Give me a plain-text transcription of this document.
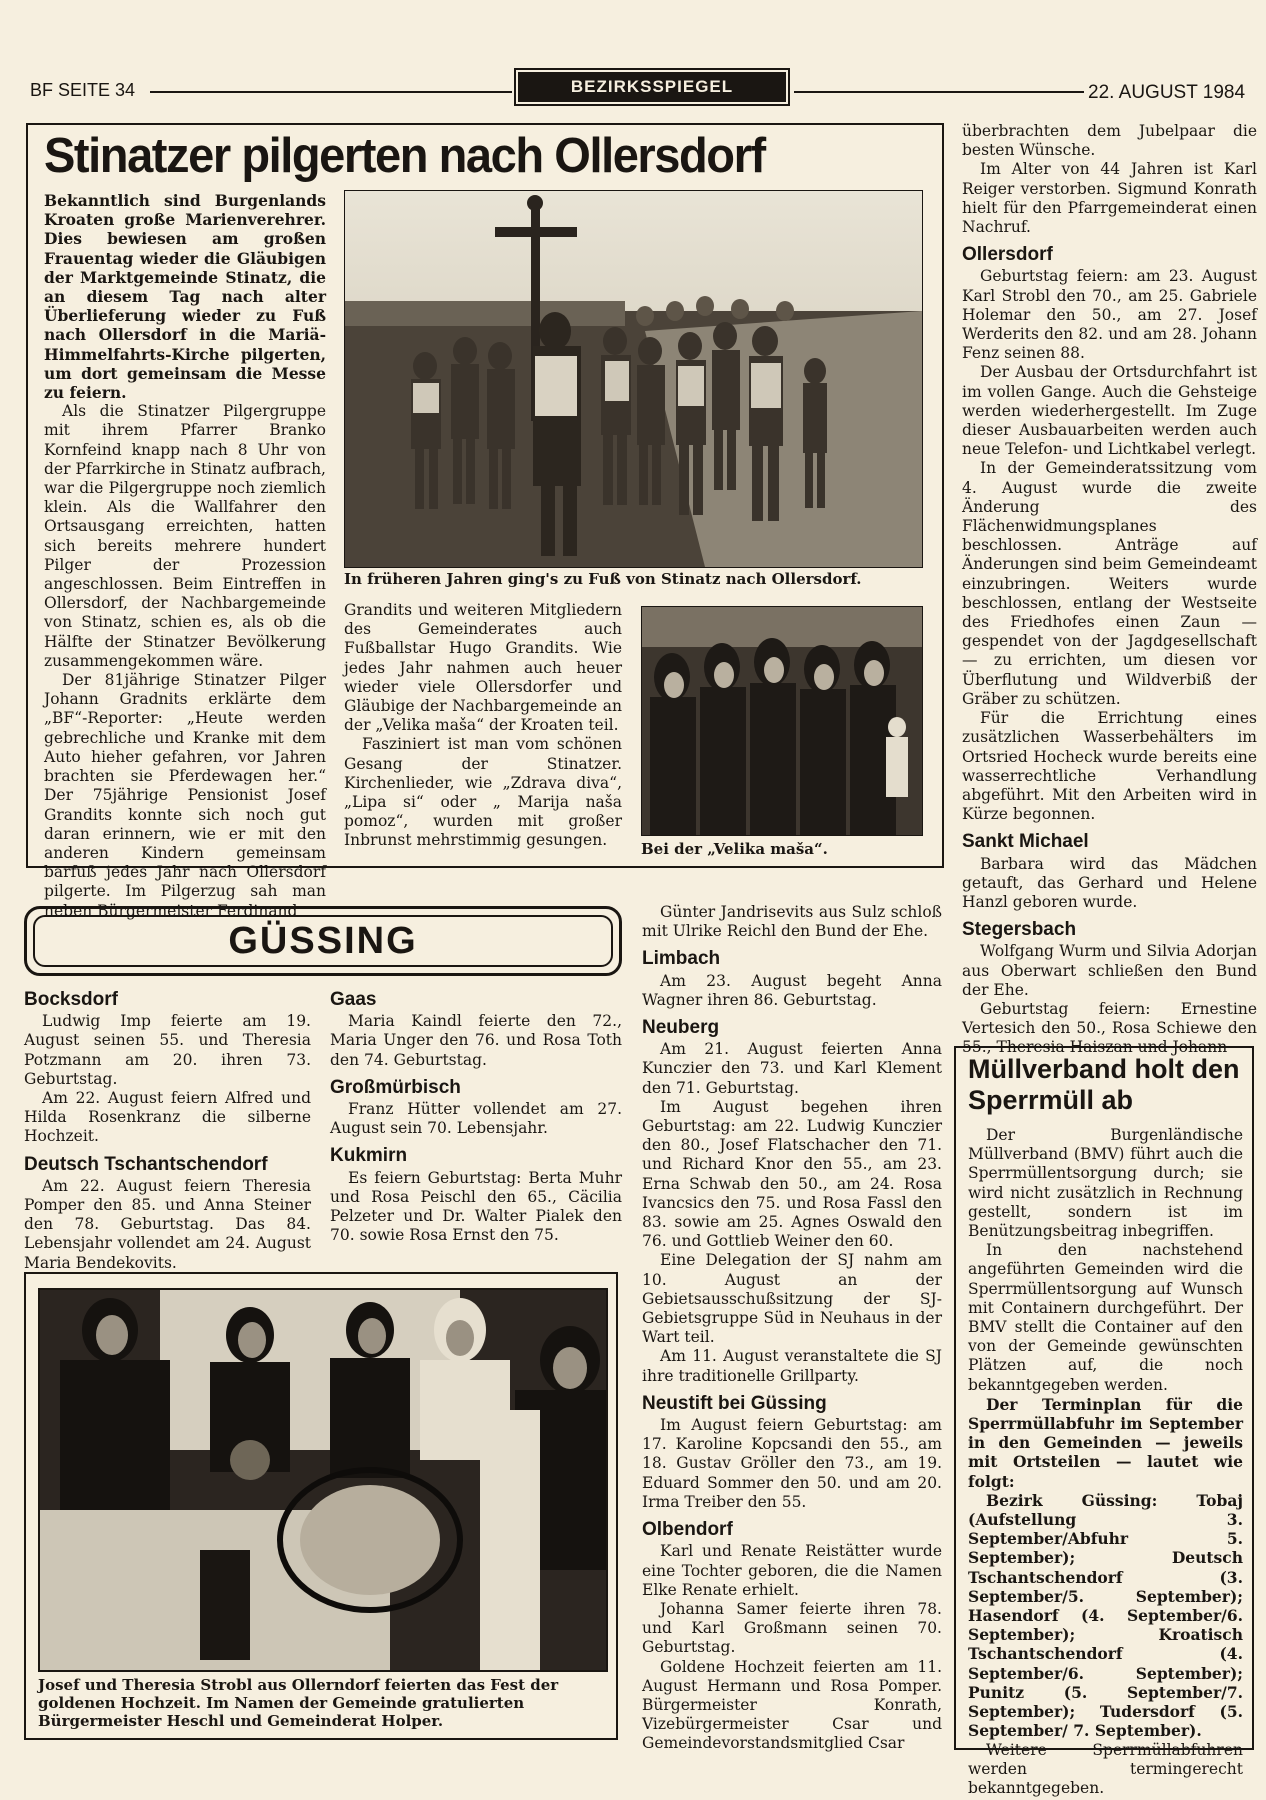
BF SEITE 34	BEZIRKSSPIEGEL	22. AUGUST 1984
Stinatzer pilgerten nach Ollersdorf

Bekanntlich sind Burgenlands Kroaten große Marienverehrer. Dies bewiesen am großen Frauentag wieder die Gläubigen der Marktgemeinde Stinatz, die an diesem Tag nach alter Überlieferung wieder zu Fuß nach Ollersdorf in die Mariä-Himmelfahrts-Kirche pilgerten, um dort gemeinsam die Messe zu feiern.

Als die Stinatzer Pilgergruppe mit ihrem Pfarrer Branko Kornfeind knapp nach 8 Uhr von der Pfarrkirche in Stinatz aufbrach, war die Pilgergruppe noch ziemlich klein. Als die Wallfahrer den Ortsausgang erreichten, hatten sich bereits mehrere hundert Pilger der Prozession angeschlossen. Beim Eintreffen in Ollersdorf, der Nachbargemeinde von Stinatz, schien es, als ob die Hälfte der Stinatzer Bevölkerung zusammengekommen wäre.

Der 81jährige Stinatzer Pilger Johann Gradnits erklärte dem „BF“-Reporter: „Heute werden gebrechliche und Kranke mit dem Auto hieher gefahren, vor Jahren brachten sie Pferdewagen her.“ Der 75jährige Pensionist Josef Grandits konnte sich noch gut daran erinnern, wie er mit den anderen Kindern gemeinsam barfuß jedes Jahr nach Ollersdorf pilgerte. Im Pilgerzug sah man neben Bürgermeister Ferdinand

In früheren Jahren ging's zu Fuß von Stinatz nach Ollersdorf.

Grandits und weiteren Mitgliedern des Gemeinderates auch Fußballstar Hugo Grandits. Wie jedes Jahr nahmen auch heuer wieder viele Ollersdorfer und Gläubige der Nachbargemeinde an der „Velika maša“ der Kroaten teil.

Fasziniert ist man vom schönen Gesang der Stinatzer. Kirchenlieder, wie „Zdrava diva“, „Lipa si“ oder „ Marija naša pomoz“, wurden mit großer Inbrunst mehrstimmig gesungen.	Bei der „Velika maša“.

überbrachten dem Jubelpaar die besten Wünsche.

Im Alter von 44 Jahren ist Karl Reiger verstorben. Sigmund Konrath hielt für den Pfarrgemeinderat einen Nachruf.

Ollersdorf

Geburtstag feiern: am 23. August Karl Strobl den 70., am 25. Gabriele Holemar den 50., am 27. Josef Werderits den 82. und am 28. Johann Fenz seinen 88.

Der Ausbau der Ortsdurchfahrt ist im vollen Gange. Auch die Gehsteige werden wiederhergestellt. Im Zuge dieser Ausbauarbeiten werden auch neue Telefon- und Lichtkabel verlegt.

In der Gemeinderatssitzung vom 4. August wurde die zweite Änderung des Flächenwidmungsplanes beschlossen. Anträge auf Änderungen sind beim Gemeindeamt einzubringen. Weiters wurde beschlossen, entlang der Westseite des Friedhofes einen Zaun — gespendet von der Jagdgesellschaft — zu errichten, um diesen vor Überflutung und Wildverbiß der Gräber zu schützen.

Für die Errichtung eines zusätzlichen Wasserbehälters im Ortsried Hocheck wurde bereits eine wasserrechtliche Verhandlung abgeführt. Mit den Arbeiten wird in Kürze begonnen.

Sankt Michael

Barbara wird das Mädchen getauft, das Gerhard und Helene Hanzl geboren wurde.

Stegersbach

Wolfgang Wurm und Silvia Adorjan aus Oberwart schließen den Bund der Ehe.

Geburtstag feiern: Ernestine Vertesich den 50., Rosa Schiewe den 55., Theresia Haiszan und Johann

GÜSSING
Bocksdorf

Ludwig Imp feierte am 19. August seinen 55. und Theresia Potzmann am 20. ihren 73. Geburtstag.

Am 22. August feiern Alfred und Hilda Rosenkranz die silberne Hochzeit.

Deutsch Tschantschendorf

Am 22. August feiern Theresia Pomper den 85. und Anna Steiner den 78. Geburtstag. Das 84. Lebensjahr vollendet am 24. August Maria Bendekovits.

Gaas

Maria Kaindl feierte den 72., Maria Unger den 76. und Rosa Toth den 74. Geburtstag.

Großmürbisch

Franz Hütter vollendet am 27. August sein 70. Lebensjahr.

Kukmirn

Es feiern Geburtstag: Berta Muhr und Rosa Peischl den 65., Cäcilia Pelzeter und Dr. Walter Pialek den 70. sowie Rosa Ernst den 75.

Josef und Theresia Strobl aus Ollerndorf feierten das Fest der goldenen Hochzeit. Im Namen der Gemeinde gratulierten Bürgermeister Heschl und Gemeinderat Holper.

Günter Jandrisevits aus Sulz schloß mit Ulrike Reichl den Bund der Ehe.

Limbach

Am 23. August begeht Anna Wagner ihren 86. Geburtstag.

Neuberg

Am 21. August feierten Anna Kunczier den 73. und Karl Klement den 71. Geburtstag.

Im August begehen ihren Geburtstag: am 22. Ludwig Kunczier den 80., Josef Flatschacher den 71. und Richard Knor den 55., am 23. Erna Schwab den 50., am 24. Rosa Ivancsics den 75. und Rosa Fassl den 83. sowie am 25. Agnes Oswald den 76. und Gottlieb Weiner den 60.

Eine Delegation der SJ nahm am 10. August an der Gebietsausschußsitzung der SJ-Gebietsgruppe Süd in Neuhaus in der Wart teil.

Am 11. August veranstaltete die SJ ihre traditionelle Grillparty.

Neustift bei Güssing

Im August feiern Geburtstag: am 17. Karoline Kopcsandi den 55., am 18. Gustav Gröller den 73., am 19. Eduard Sommer den 50. und am 20. Irma Treiber den 55.

Olbendorf

Karl und Renate Reistätter wurde eine Tochter geboren, die die Namen Elke Renate erhielt.

Johanna Samer feierte ihren 78. und Karl Großmann seinen 70. Geburtstag.

Goldene Hochzeit feierten am 11. August Hermann und Rosa Pomper. Bürgermeister Konrath, Vizebürgermeister Csar und Gemeindevorstandsmitglied Csar

Müllverband holt den Sperrmüll ab

Der Burgenländische Müllverband (BMV) führt auch die Sperrmüllentsorgung durch; sie wird nicht zusätzlich in Rechnung gestellt, sondern ist im Benützungsbeitrag inbegriffen.

In den nachstehend angeführten Gemeinden wird die Sperrmüllentsorgung auf Wunsch mit Containern durchgeführt. Der BMV stellt die Container auf den von der Gemeinde gewünschten Plätzen auf, die noch bekanntgegeben werden.

Der Terminplan für die Sperrmüllabfuhr im September in den Gemeinden — jeweils mit Ortsteilen — lautet wie folgt:

Bezirk Güssing: Tobaj (Aufstellung 3. September/Abfuhr 5. September); Deutsch Tschantschendorf (3. September/5. September); Hasendorf (4. September/6. September); Kroatisch Tschantschendorf (4. September/6. September); Punitz (5. September/7. September); Tudersdorf (5. September/ 7. September).

Weitere Sperrmüllabfuhren werden termingerecht bekanntgegeben.
